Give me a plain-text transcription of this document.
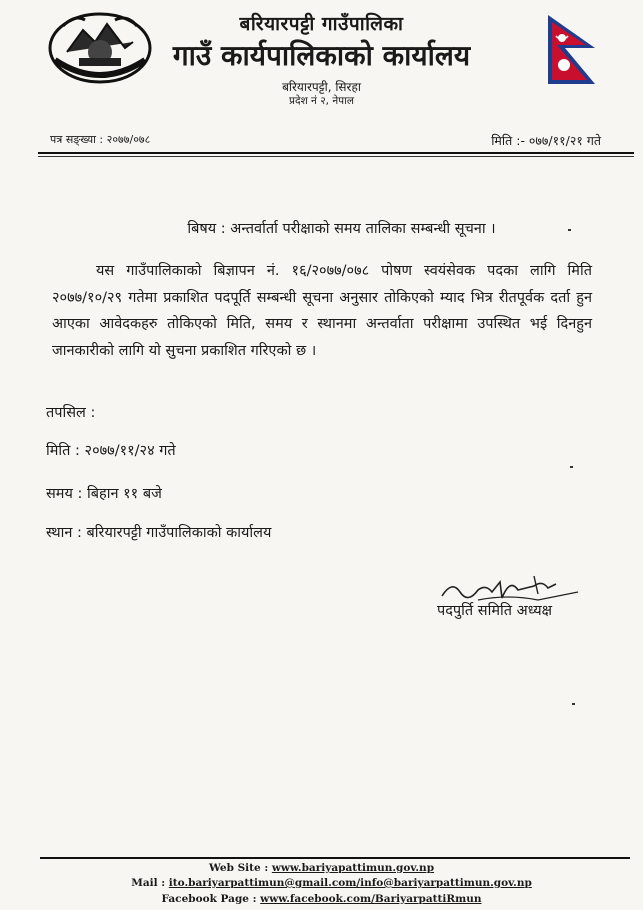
बरियारपट्टी गाउँपालिका
गाउँ कार्यपालिकाको कार्यालय
बरियारपट्टी, सिरहा
प्रदेश नं २, नेपाल
पत्र सङ्ख्या : २०७७/०७८	मिति :- ०७७/११/२१ गते
बिषय : अन्तर्वार्ता परीक्षाको समय तालिका सम्बन्धी सूचना ।
यस गाउँपालिकाको बिज्ञापन नं. १६/२०७७/०७८ पोषण स्वयंसेवक पदका लागि मिति २०७७/१०/२९ गतेमा प्रकाशित पदपूर्ति सम्बन्धी सूचना अनुसार तोकिएको म्याद भित्र रीतपूर्वक दर्ता हुन आएका आवेदकहरु तोकिएको मिति, समय र स्थानमा अन्तर्वाता परीक्षामा उपस्थित भई दिनहुन जानकारीको लागि यो सुचना प्रकाशित गरिएको छ ।
तपसिल :
मिति : २०७७/११/२४ गते
समय : बिहान ११ बजे
स्थान : बरियारपट्टी गाउँपालिकाको कार्यालय
पदपुर्ति समिति अध्यक्ष
Web Site : www.bariyapattimun.gov.np
Mail : ito.bariyarpattimun@gmail.com/info@bariyarpattimun.gov.np
Facebook Page : www.facebook.com/BariyarpattiRmun
